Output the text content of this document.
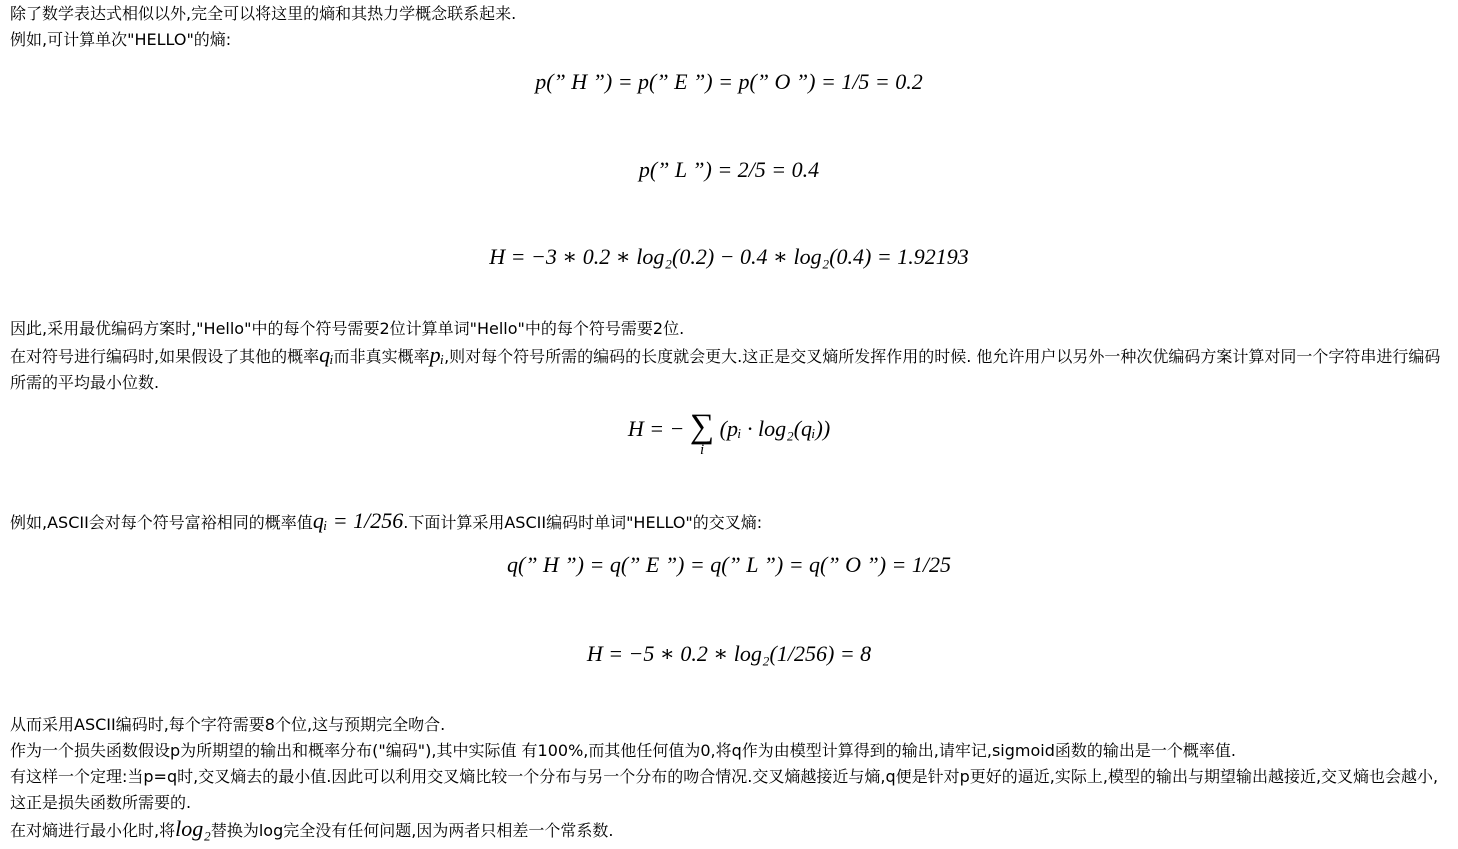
除了数学表达式相似以外,完全可以将这里的熵和其热力学概念联系起来.

例如,可计算单次"HELLO"的熵:

p(” H ”) = p(” E ”) = p(” O ”) = 1/5 = 0.2
p(” L ”) = 2/5 = 0.4
H = −3 ∗ 0.2 ∗ log₂(0.2) − 0.4 ∗ log₂(0.4) = 1.92193

因此,采用最优编码方案时,"Hello"中的每个符号需要2位计算单词"Hello"中的每个符号需要2位.

在对符号进行编码时,如果假设了其他的概率qᵢ而非真实概率pᵢ,则对每个符号所需的编码的长度就会更大.这正是交叉熵所发挥作用的时候. 他允许用户以另外一种次优编码方案计算对同一个字符串进行编码所需的平均最小位数.

H = − ∑
i
(pᵢ · log₂(qᵢ))

例如,ASCII会对每个符号富裕相同的概率值qᵢ = 1/256.下面计算采用ASCII编码时单词"HELLO"的交叉熵:

q(” H ”) = q(” E ”) = q(” L ”) = q(” O ”) = 1/25
H = −5 ∗ 0.2 ∗ log₂(1/256) = 8

从而采用ASCII编码时,每个字符需要8个位,这与预期完全吻合.

作为一个损失函数假设p为所期望的输出和概率分布("编码"),其中实际值 有100%,而其他任何值为0,将q作为由模型计算得到的输出,请牢记,sigmoid函数的输出是一个概率值.

有这样一个定理:当p=q时,交叉熵去的最小值.因此可以利用交叉熵比较一个分布与另一个分布的吻合情况.交叉熵越接近与熵,q便是针对p更好的逼近,实际上,模型的输出与期望输出越接近,交叉熵也会越小,这正是损失函数所需要的.

在对熵进行最小化时,将log₂替换为log完全没有任何问题,因为两者只相差一个常系数.
